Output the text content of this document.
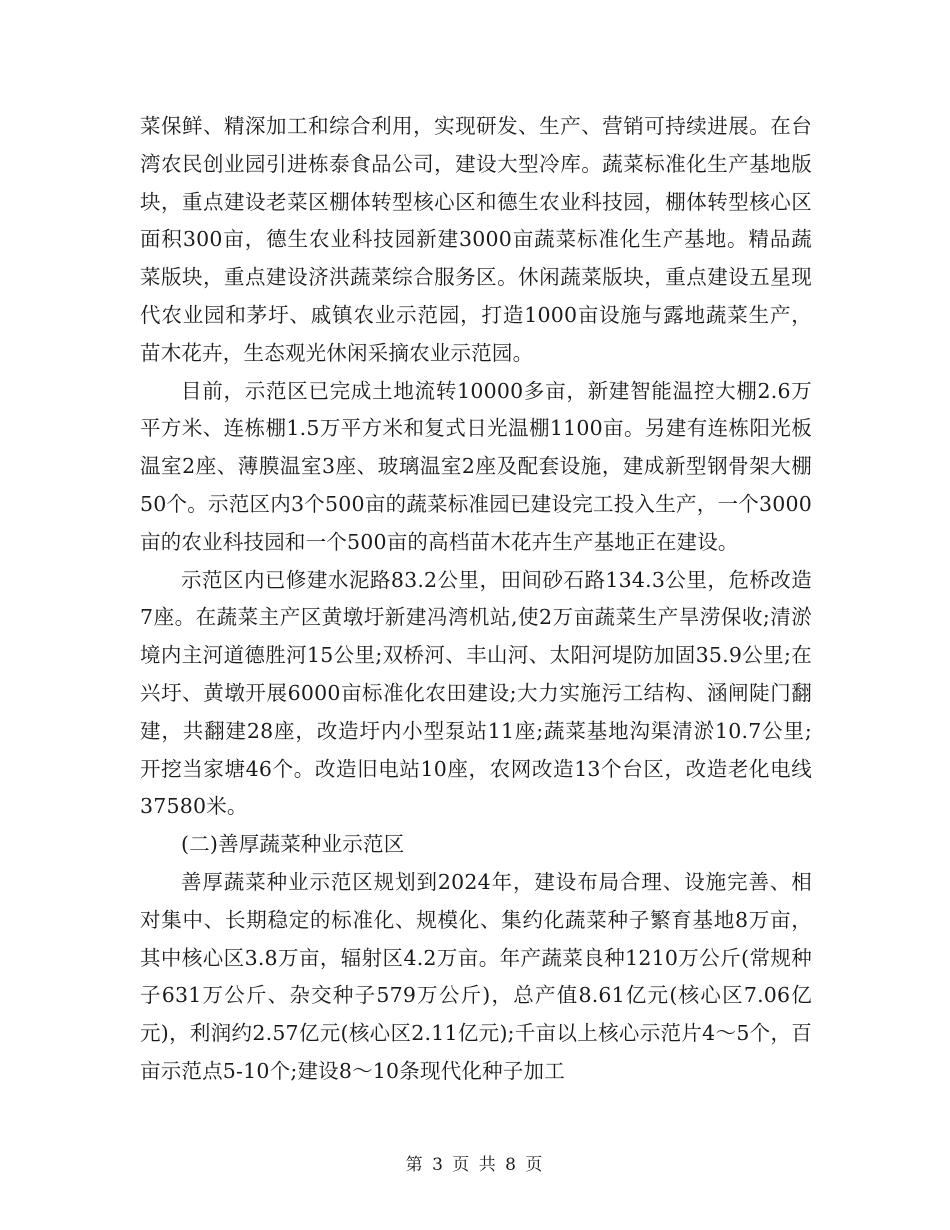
菜保鲜、精深加工和综合利用，实现研发、生产、营销可持续进展。在台湾农民创业园引进栋泰食品公司，建设大型冷库。蔬菜标准化生产基地版块，重点建设老菜区棚体转型核心区和德生农业科技园，棚体转型核心区面积300亩，德生农业科技园新建3000亩蔬菜标准化生产基地。精品蔬菜版块，重点建设济洪蔬菜综合服务区。休闲蔬菜版块，重点建设五星现代农业园和茅圩、戚镇农业示范园，打造1000亩设施与露地蔬菜生产，苗木花卉，生态观光休闲采摘农业示范园。

目前，示范区已完成土地流转10000多亩，新建智能温控大棚2.6万平方米、连栋棚1.5万平方米和复式日光温棚1100亩。另建有连栋阳光板温室2座、薄膜温室3座、玻璃温室2座及配套设施，建成新型钢骨架大棚50个。示范区内3个500亩的蔬菜标准园已建设完工投入生产，一个3000亩的农业科技园和一个500亩的高档苗木花卉生产基地正在建设。

示范区内已修建水泥路83.2公里，田间砂石路134.3公里，危桥改造7座。在蔬菜主产区黄墩圩新建冯湾机站,使2万亩蔬菜生产旱涝保收;清淤境内主河道德胜河15公里;双桥河、丰山河、太阳河堤防加固35.9公里;在兴圩、黄墩开展6000亩标准化农田建设;大力实施污工结构、涵闸陡门翻建，共翻建28座，改造圩内小型泵站11座;蔬菜基地沟渠清淤10.7公里;开挖当家塘46个。改造旧电站10座，农网改造13个台区，改造老化电线37580米。

(二)善厚蔬菜种业示范区

善厚蔬菜种业示范区规划到2024年，建设布局合理、设施完善、相对集中、长期稳定的标准化、规模化、集约化蔬菜种子繁育基地8万亩，其中核心区3.8万亩，辐射区4.2万亩。年产蔬菜良种1210万公斤(常规种子631万公斤、杂交种子579万公斤)，总产值8.61亿元(核心区7.06亿元)，利润约2.57亿元(核心区2.11亿元);千亩以上核心示范片4～5个，百亩示范点5-10个;建设8～10条现代化种子加工

第 3 页 共 8 页
